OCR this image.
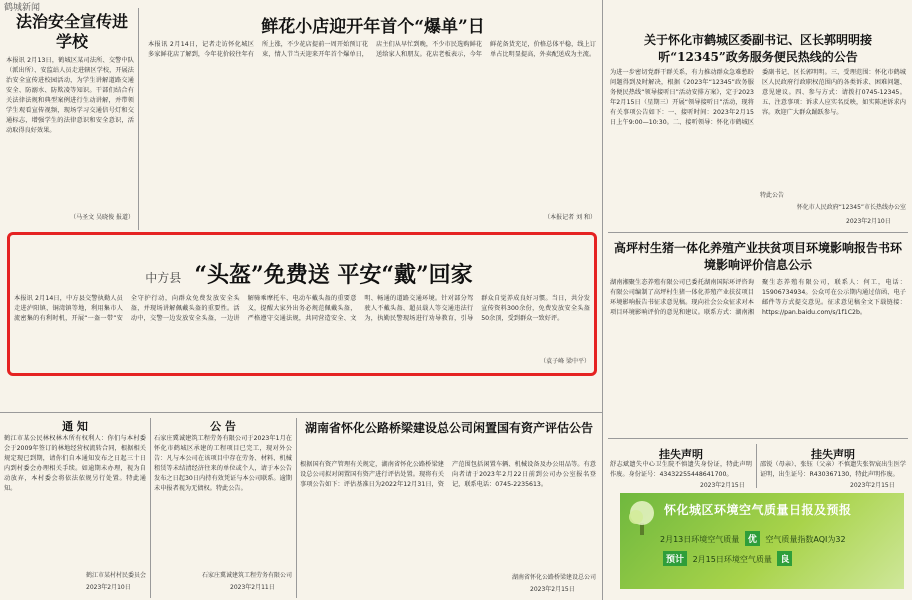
鹤城新闻
法治安全宣传进学校
本报讯 2月13日，鹤城区某司法所、交警中队（派出所）、安监站人员走进辖区学校，开展法治安全宣传进校园活动，为学生讲解道路交通安全、防溺水、防欺凌等知识。干部们结合有关法律法规和典型案例进行生动讲解，并带领学生观看宣传视频，现场学习交通信号灯和交通标志，增强学生的法律意识和安全意识，活动取得良好效果。
（马圣文 吴晓俊 报道）
鲜花小店迎开年首个“爆单”日
本报讯 2月14日，记者走访怀化城区多家鲜花店了解到，今年花价较往年有所上涨，不少花店提前一周开始预订花束，情人节当天迎来开年首个爆单日，店主们从早忙到晚，不少市民选购鲜花送给家人和朋友。花店老板表示，今年鲜花备货充足，价格总体平稳，线上订单占比明显提高，外卖配送成为主流。
（本报记者 刘 和）
中方县 “头盔”免费送 平安“戴”回家
本报讯 2月14日，中方县交警执勤人员走进泸阳镇、铜湾镇等地，利用集市人流密集的有利时机，开展“一盔一带”安全守护行动，向群众免费发放安全头盔，并现场讲解佩戴头盔的重要性。活动中，交警一边发放安全头盔，一边讲解骑乘摩托车、电动车戴头盔的重要意义，提醒大家外出务必规范佩戴头盔，严格遵守交通法规，共同营造安全、文明、畅通的道路交通环境。针对部分驾驶人不戴头盔、超员载人等交通违法行为，执勤民警现场进行劝导教育，引导群众自觉养成良好习惯。当日，共分发宣传资料300余份，免费发放安全头盔50余顶，受到群众一致好评。
（袁子峰 梁中平）
通 知
鹤江市某公民林权林木所有权利人：你们与本村委会于2009年签订的林地经营权流转合同，根据相关规定现已到期，请你们自本通知发布之日起三十日内到村委会办理相关手续。如逾期未办理，视为自动放弃，本村委会将依法依规另行处置。特此通知。
鹤江市某村村民委员会
2023年2月10日
公 告
石家庄冀诚建筑工程劳务有限公司于2023年1月在怀化市鹤城区承建的工程项目已完工，现对外公告：凡与本公司在该项目中存在劳务、材料、机械租赁等未结清经济往来的单位或个人，请于本公告发布之日起30日内持有效凭证与本公司联系。逾期未申报者视为无债权。特此公告。
石家庄冀诚建筑工程劳务有限公司
2023年2月11日
湖南省怀化公路桥梁建设总公司闲置国有资产评估公告
根据国有资产管理有关规定，湖南省怀化公路桥梁建设总公司拟对闲置国有资产进行评估处置。现将有关事项公告如下：评估基准日为2022年12月31日，资产范围包括闲置车辆、机械设备及办公用品等。有意向者请于2023年2月22日前到公司办公室报名登记，联系电话：0745-2235613。
湖南省怀化公路桥梁建设总公司
2023年2月15日
关于怀化市鹤城区委副书记、区长郭明明接听“12345”政务服务便民热线的公告
为进一步密切党群干群关系，有力推动群众急难愁盼问题得到及时解决，根据《2023年“12345”政务服务便民热线“领导接听日”活动安排方案》，定于2023年2月15日（星期三）开展“领导接听日”活动，现将有关事项公告如下：一、接听时间：2023年2月15日上午9:00—10:30。二、接听领导：怀化市鹤城区委副书记、区长郭明明。三、受理范围：怀化市鹤城区人民政府行政职权范围内的各类诉求、困难问题、意见建议。四、参与方式：请拨打0745-12345。五、注意事项：诉求人应实名反映，如实陈述诉求内容。欢迎广大群众踊跃参与。
特此公告
怀化市人民政府“12345”市长热线办公室
2023年2月10日
高坪村生猪一体化养殖产业扶贫项目环境影响报告书环境影响评价信息公示
湖南湘聚生态养殖有限公司已委托湖南国际环评咨询有限公司编制了高坪村生猪一体化养殖产业扶贫项目环境影响报告书征求意见稿。现向社会公众征求对本项目环境影响评价的意见和建议。联系方式：湖南湘聚生态养殖有限公司，联系人：何工，电话：15906734934。公众可在公示期内通过信函、电子邮件等方式提交意见。征求意见稿全文下载链接：https://pan.baidu.com/s/1f1C2b。
挂失声明
舒志斌遗失中心卫生院不慎遗失身份证，特此声明作废。身份证号：43432255448641700。
2023年2月15日
挂失声明
邵锐（母亲）、张钰（父亲）不慎遗失张智宸出生医学证明，出生证号：R430367130，特此声明作废。
2023年2月15日
怀化城区环境空气质量日报及预报
2月13日环境空气质量 优 空气质量指数AQI为32
预计 2月15日环境空气质量 良
